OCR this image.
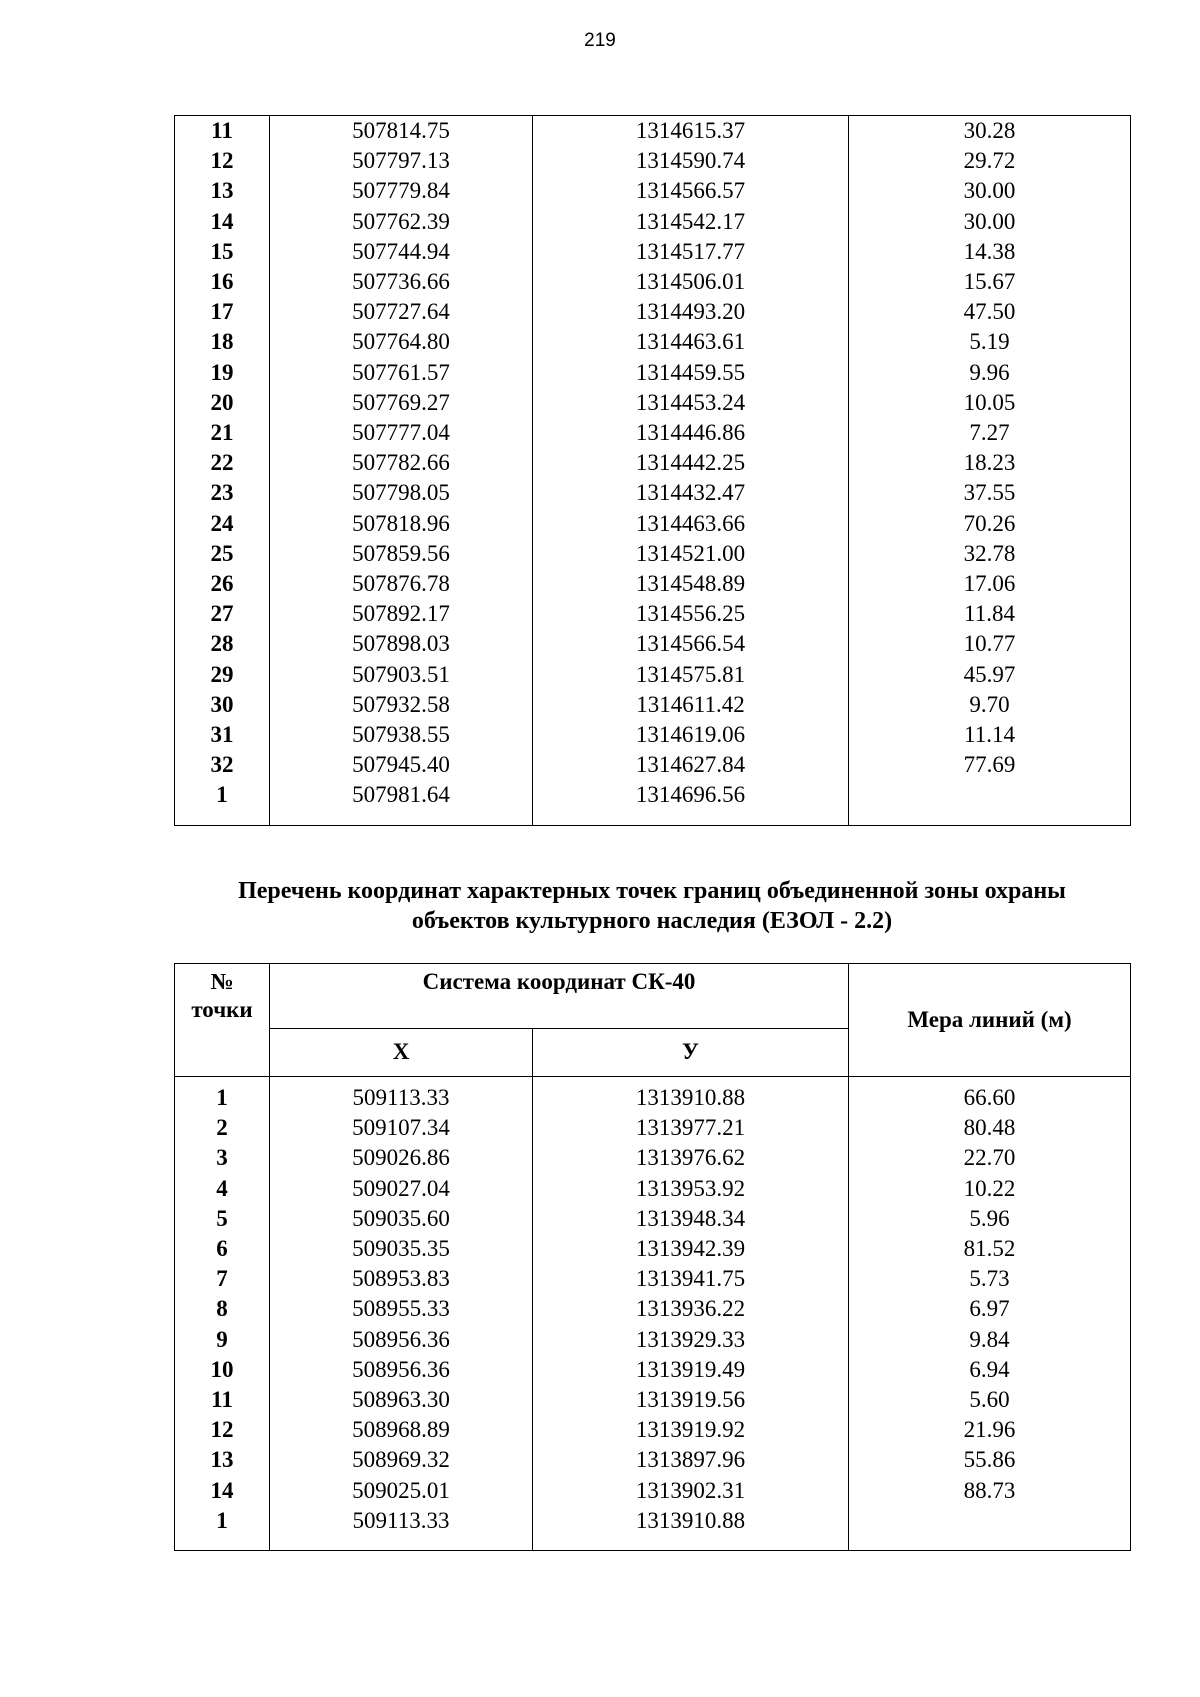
219
11	507814.75	1314615.37	30.28
12	507797.13	1314590.74	29.72
13	507779.84	1314566.57	30.00
14	507762.39	1314542.17	30.00
15	507744.94	1314517.77	14.38
16	507736.66	1314506.01	15.67
17	507727.64	1314493.20	47.50
18	507764.80	1314463.61	5.19
19	507761.57	1314459.55	9.96
20	507769.27	1314453.24	10.05
21	507777.04	1314446.86	7.27
22	507782.66	1314442.25	18.23
23	507798.05	1314432.47	37.55
24	507818.96	1314463.66	70.26
25	507859.56	1314521.00	32.78
26	507876.78	1314548.89	17.06
27	507892.17	1314556.25	11.84
28	507898.03	1314566.54	10.77
29	507903.51	1314575.81	45.97
30	507932.58	1314611.42	9.70
31	507938.55	1314619.06	11.14
32	507945.40	1314627.84	77.69
1	507981.64	1314696.56	

Перечень координат характерных точек границ объединенной зоны охраны
объектов культурного наследия (ЕЗОЛ - 2.2)
№
точки	Система координат СК-40		Мера линий (м)
	Х	У	
1	509113.33	1313910.88	66.60
2	509107.34	1313977.21	80.48
3	509026.86	1313976.62	22.70
4	509027.04	1313953.92	10.22
5	509035.60	1313948.34	5.96
6	509035.35	1313942.39	81.52
7	508953.83	1313941.75	5.73
8	508955.33	1313936.22	6.97
9	508956.36	1313929.33	9.84
10	508956.36	1313919.49	6.94
11	508963.30	1313919.56	5.60
12	508968.89	1313919.92	21.96
13	508969.32	1313897.96	55.86
14	509025.01	1313902.31	88.73
1	509113.33	1313910.88	
